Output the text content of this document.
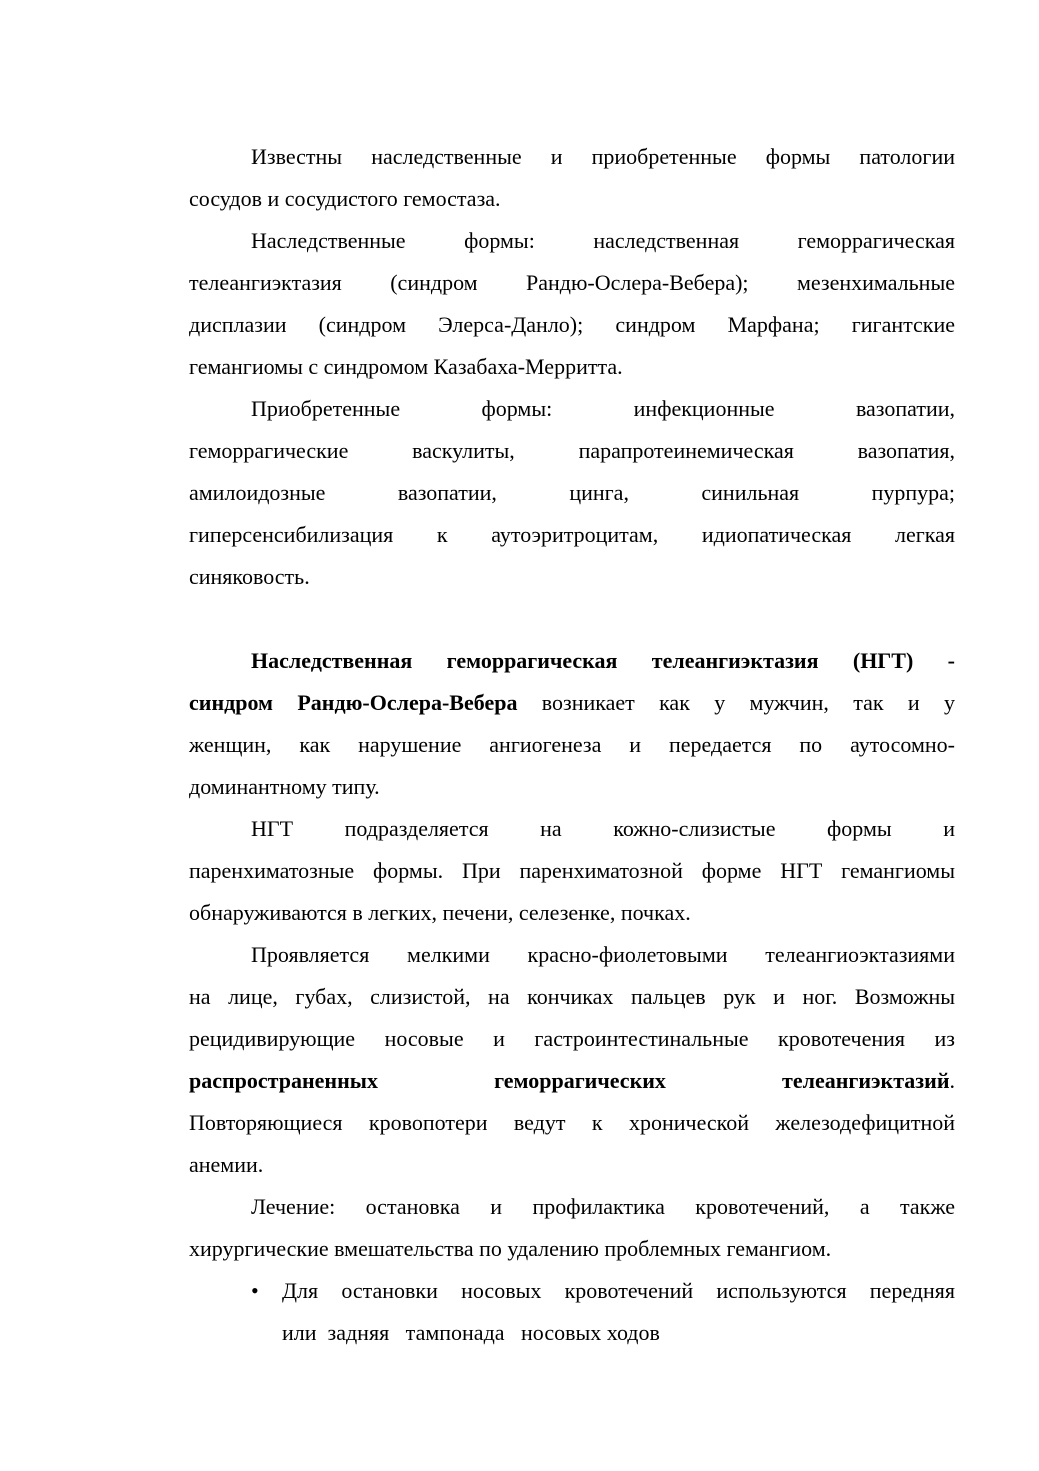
Известны наследственные и приобретенные формы патологии
сосудов и сосудистого гемостаза.
Наследственные формы: наследственная геморрагическая
телеангиэктазия (синдром Рандю-Ослера-Вебера); мезенхимальные
дисплазии (синдром Элерса-Данло); синдром Марфана; гигантские
гемангиомы с синдромом Казабаха-Мерритта.
Приобретенные формы: инфекционные вазопатии,
геморрагические васкулиты, парапротеинемическая вазопатия,
амилоидозные вазопатии, цинга, синильная пурпура;
гиперсенсибилизация к аутоэритроцитам, идиопатическая легкая
синяковость.
Наследственная геморрагическая телеангиэктазия (НГТ) -
синдром Рандю-Ослера-Вебера возникает как у мужчин, так и у
женщин, как нарушение ангиогенеза и передается по аутосомно-
доминантному типу.
НГТ подразделяется на кожно-слизистые формы и
паренхиматозные формы. При паренхиматозной форме НГТ гемангиомы
обнаруживаются в легких, печени, селезенке, почках.
Проявляется мелкими красно-фиолетовыми телеангиоэктазиями
на лице, губах, слизистой, на кончиках пальцев рук и ног. Возможны
рецидивирующие носовые и гастроинтестинальные кровотечения из
распространенных геморрагических телеангиэктазий.
Повторяющиеся кровопотери ведут к хронической железодефицитной
анемии.
Лечение: остановка и профилактика кровотечений, а также
хирургические вмешательства по удалению проблемных гемангиом.
• Для остановки носовых кровотечений используются передняя
или  задняя   тампонада   носовых ходов
